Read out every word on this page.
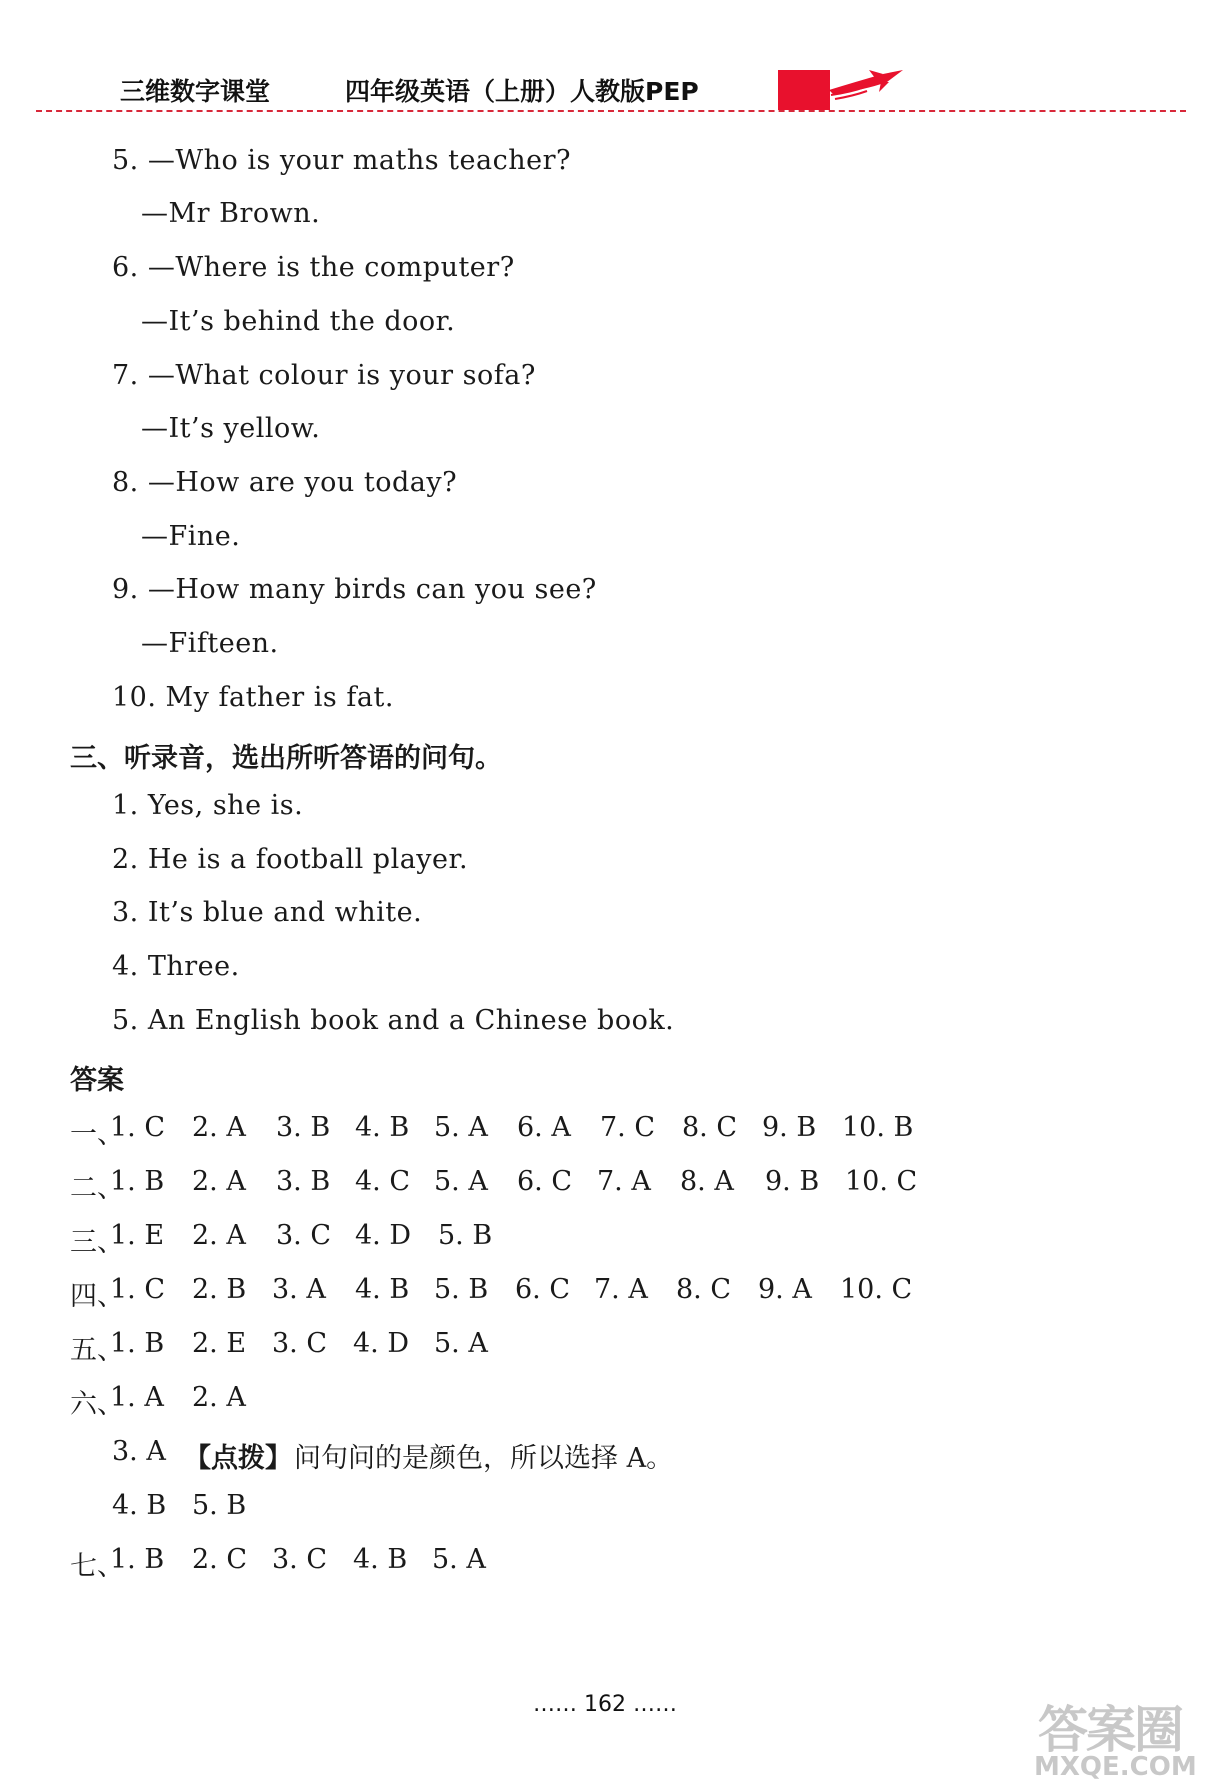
三维数字课堂	四年级英语（上册）人教版PEP
5. —Who is your maths teacher?
—Mr Brown.
6. —Where is the computer?
—It’s behind the door.
7. —What colour is your sofa?
—It’s yellow.
8. —How are you today?
—Fine.
9. —How many birds can you see?
—Fifteen.
10. My father is fat.
三、听录音，选出所听答语的问句。
1. Yes, she is.
2. He is a football player.
3. It’s blue and white.
4. Three.
5. An English book and a Chinese book.
答案
一、
1. C 2. A 3. B 4. B 5. A 6. A 7. C 8. C 9. B 10. B
二、
1. B 2. A 3. B 4. C 5. A 6. C 7. A 8. A 9. B 10. C
三、
1. E 2. A 3. C 4. D 5. B
四、
1. C 2. B 3. A 4. B 5. B 6. C 7. A 8. C 9. A 10. C
五、
1. B 2. E 3. C 4. D 5. A
六、
1. A 2. A
3. A 【点拨】 问句问的是颜色，所以选择 A。
4. B 5. B
七、
1. B 2. C 3. C 4. B 5. A
…… 162 ……	答案圈
MXQE.COM
